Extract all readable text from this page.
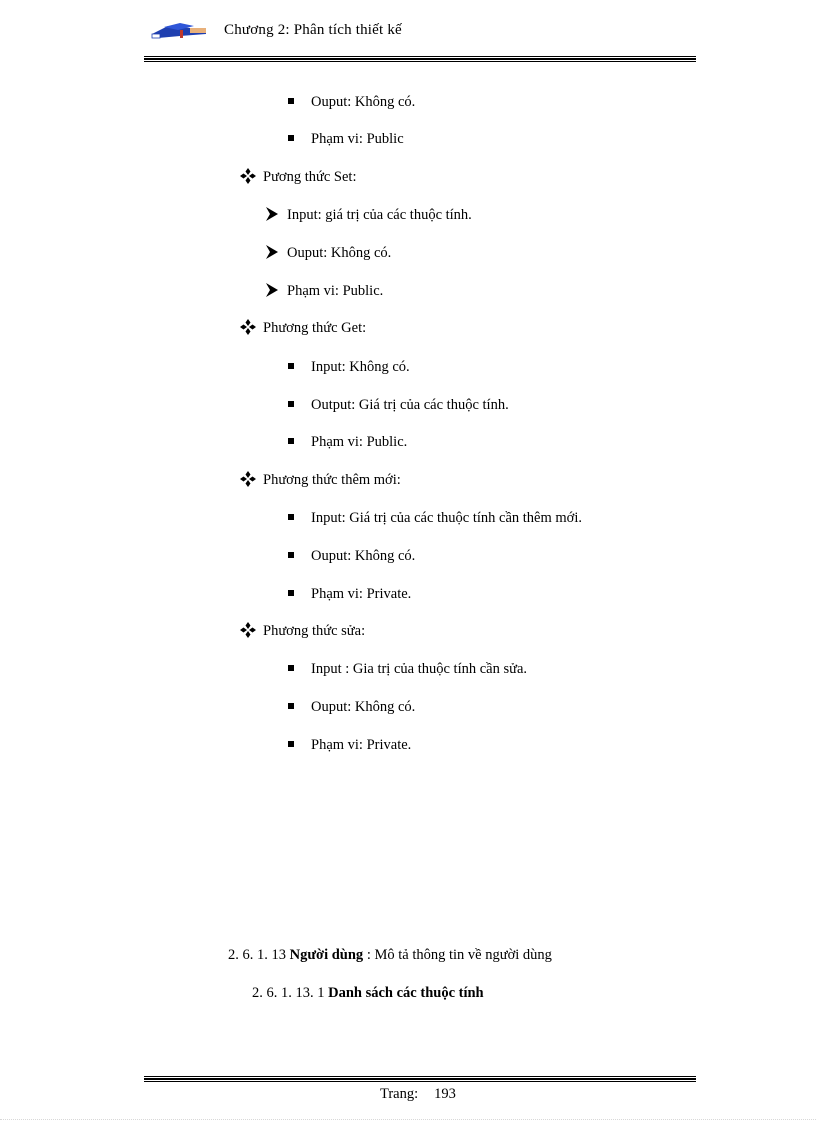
Chương 2: Phân tích thiết kế
Ouput: Không có.
Phạm vi: Public
Pương thức Set:
Input: giá trị của các thuộc tính.
Ouput: Không có.
Phạm vi: Public.
Phương thức Get:
Input: Không có.
Output: Giá trị của các thuộc tính.
Phạm vi: Public.
Phương thức thêm mới:
Input: Giá trị của các thuộc tính cần thêm mới.
Ouput: Không có.
Phạm vi: Private.
Phương thức sửa:
Input : Gia trị của thuộc tính cần sửa.
Ouput: Không có.
Phạm vi: Private.
2. 6. 1. 13 Người dùng : Mô tả thông tin về người dùng
2. 6. 1. 13. 1 Danh sách các thuộc tính
Trang: 193
